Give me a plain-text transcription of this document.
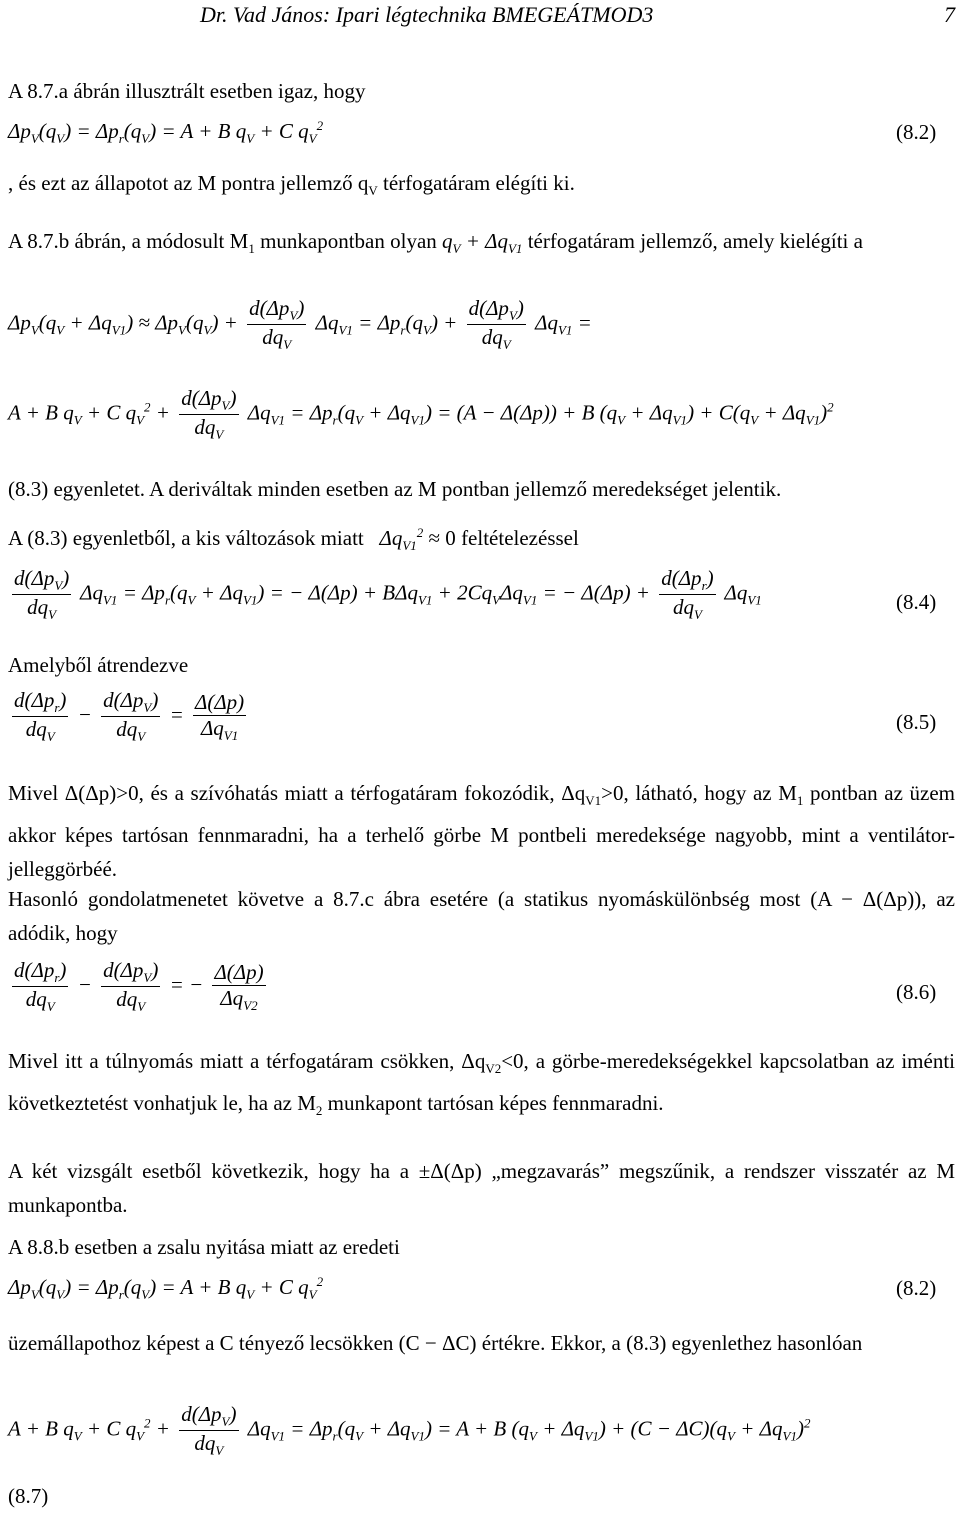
Dr. Vad János: Ipari légtechnika BMEGEÁTMOD3	7
A 8.7.a ábrán illusztrált esetben igaz, hogy
$\Delta p_V(q_V) = \Delta p_r(q_V) = A + B$ $q_V + C$ $q_V^2$	(8.2)
, és ezt az állapotot az M pontra jellemző $q_V$ térfogatáram elégíti ki.
A 8.7.b ábrán, a módosult $M_1$ munkapontban olyan $q_V + \Delta q_{V1}$ térfogatáram jellemző, amely kielégíti a
$\Delta p_V(q_V + \Delta q_{V1}) \approx \Delta p_V(q_V) + \frac{d(\Delta p_V)}{dq_V} \Delta q_{V1} = \Delta p_r(q_V) + \frac{d(\Delta p_V)}{dq_V} \Delta q_{V1}$ =
A + B $q_V + C$ $q_V^2 + \frac{d(\Delta p_V)}{dq_V} \Delta q_{V1} = \Delta p_r(q_V + \Delta q_{V1}) = (A - \Delta(\Delta p)) + B$ $(q_V + \Delta q_{V1}) + C(q_V + \Delta q_{V1})^2$
(8.3) egyenletet. A deriváltak minden esetben az M pontban jellemző meredekséget jelentik.
A (8.3) egyenletből, a kis változások miatt   $\Delta q_{V1}^2 \approx 0$ feltételezéssel
$\frac{d(\Delta p_V)}{dq_V} \Delta q_{V1} = \Delta p_r(q_V + \Delta q_{V1})$ = − $\Delta(\Delta p) + B\Delta q_{V1} + 2Cq_V\Delta q_{V1}$ = − $\Delta(\Delta p) + \frac{d(\Delta p_r)}{dq_V} \Delta q_{V1}$	(8.4)
Amelyből átrendezve
$\frac{d(\Delta p_r)}{dq_V} - \frac{d(\Delta p_V)}{dq_V} = \frac{\Delta(\Delta p)}{\Delta q_{V1}}$	(8.5)
Mivel Δ(Δp)>0, és a szívóhatás miatt a térfogatáram fokozódik, $\Delta q_{V1}>0$, látható, hogy az $M_1$ pontban az üzem akkor képes tartósan fennmaradni, ha a terhelő görbe M pontbeli meredeksége nagyobb, mint a ventilátor-jelleggörbéé.
Hasonló gondolatmenetet követve a 8.7.c ábra esetére (a statikus nyomáskülönbség most (A − Δ(Δp)), az adódik, hogy
$\frac{d(\Delta p_r)}{dq_V} - \frac{d(\Delta p_V)}{dq_V}$ = − $\frac{\Delta(\Delta p)}{\Delta q_{V2}}$	(8.6)
Mivel itt a túlnyomás miatt a térfogatáram csökken, $\Delta q_{V2}<0$, a görbe-meredekségekkel kapcsolatban az iménti következtetést vonhatjuk le, ha az $M_2$ munkapont tartósan képes fennmaradni.
A két vizsgált esetből következik, hogy ha a ±Δ(Δp) „megzavarás” megszűnik, a rendszer visszatér az M munkapontba.
A 8.8.b esetben a zsalu nyitása miatt az eredeti
$\Delta p_V(q_V) = \Delta p_r(q_V) = A + B$ $q_V + C$ $q_V^2$	(8.2)
üzemállapothoz képest a C tényező lecsökken (C − ΔC) értékre. Ekkor, a (8.3) egyenlethez hasonlóan
A + B $q_V + C$ $q_V^2 + \frac{d(\Delta p_V)}{dq_V} \Delta q_{V1} = \Delta p_r(q_V + \Delta q_{V1}) = A + B$ $(q_V + \Delta q_{V1}) + (C - \Delta C)(q_V + \Delta q_{V1})^2$
(8.7)
